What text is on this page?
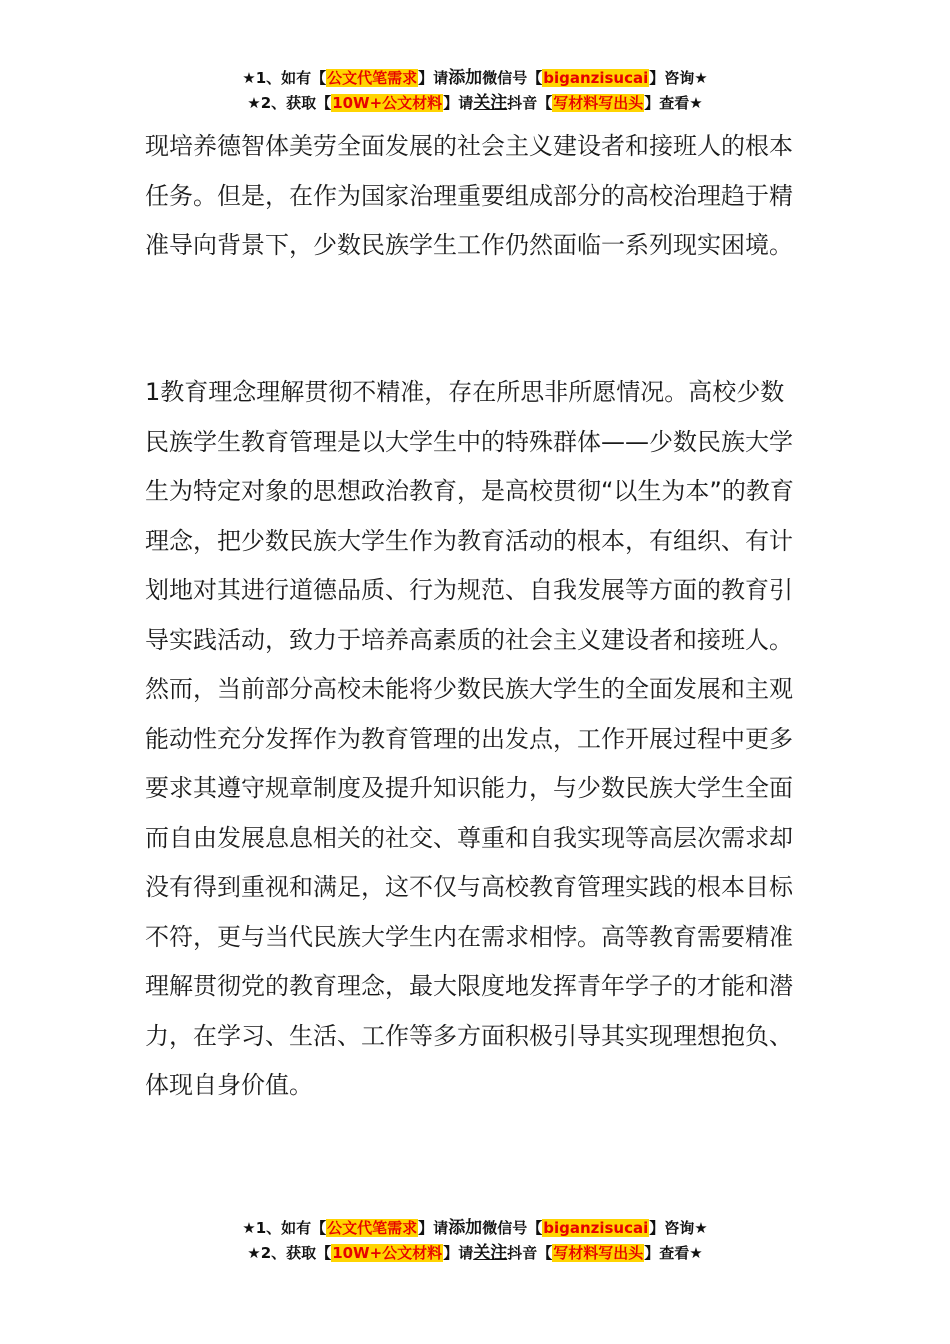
★1、如有【公文代笔需求】请添加微信号【biganzisucai】咨询★
★2、获取【10W+公文材料】请关注抖音【写材料写出头】查看★

现培养德智体美劳全面发展的社会主义建设者和接班人的根本任务。但是，在作为国家治理重要组成部分的高校治理趋于精准导向背景下，少数民族学生工作仍然面临一系列现实困境。

1教育理念理解贯彻不精准，存在所思非所愿情况。高校少数民族学生教育管理是以大学生中的特殊群体——少数民族大学生为特定对象的思想政治教育，是高校贯彻“以生为本”的教育理念，把少数民族大学生作为教育活动的根本，有组织、有计划地对其进行道德品质、行为规范、自我发展等方面的教育引导实践活动，致力于培养高素质的社会主义建设者和接班人。然而，当前部分高校未能将少数民族大学生的全面发展和主观能动性充分发挥作为教育管理的出发点，工作开展过程中更多要求其遵守规章制度及提升知识能力，与少数民族大学生全面而自由发展息息相关的社交、尊重和自我实现等高层次需求却没有得到重视和满足，这不仅与高校教育管理实践的根本目标不符，更与当代民族大学生内在需求相悖。高等教育需要精准理解贯彻党的教育理念，最大限度地发挥青年学子的才能和潜力，在学习、生活、工作等多方面积极引导其实现理想抱负、体现自身价值。

★1、如有【公文代笔需求】请添加微信号【biganzisucai】咨询★
★2、获取【10W+公文材料】请关注抖音【写材料写出头】查看★
